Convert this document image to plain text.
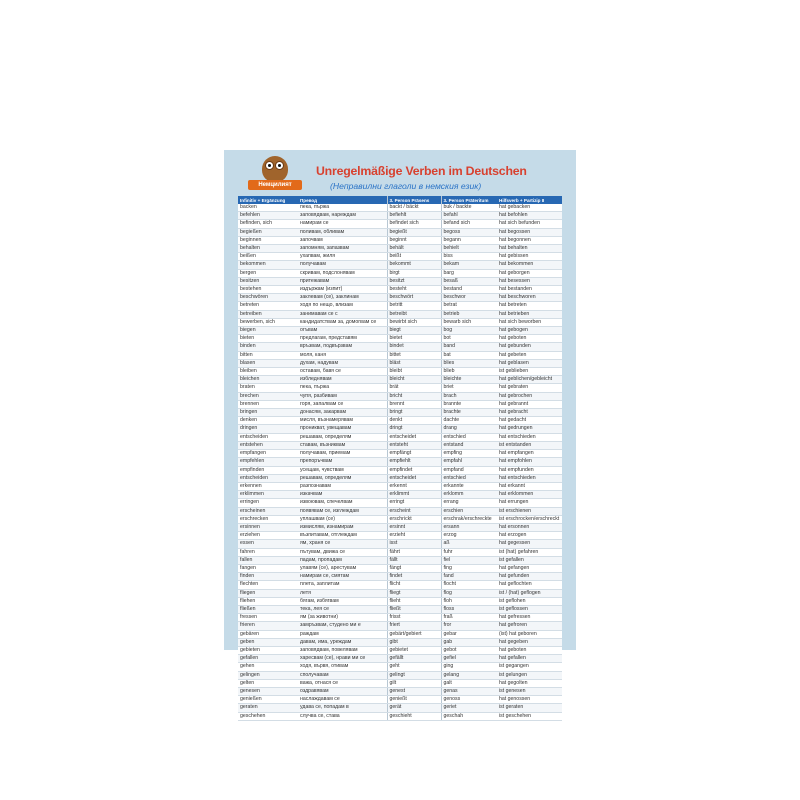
Немцилият
Unregelmäßige Verben im Deutschen
(Неправилни глаголи в немския език)
Infinitiv + Ergänzung	Превод	3. Person Präsens	3. Person Präteritum	Hilfsverb + Partizip II
backen	пека, пържа	backt / bäckt	buk / backte	hat gebacken
befehlen	заповядвам, нареждам	befiehlt	befahl	hat befohlen
befinden, sich	намирам се	befindet sich	befand sich	hat sich befunden
begießen	поливам, обливам	begießt	begoss	hat begossen
beginnen	започвам	beginnt	begann	hat begonnen
behalten	запомням, запазвам	behält	behielt	hat behalten
beißen	ухапвам, жиля	beißt	biss	hat gebissen
bekommen	получавам	bekommt	bekam	hat bekommen
bergen	скривам, подслонявам	birgt	barg	hat geborgen
besitzen	притежавам	besitzt	besaß	hat besessen
bestehen	издържам (изпит)	besteht	bestand	hat bestanden
beschwören	заклевам (се), заклинам	beschwört	beschwor	hat beschworen
betreten	ходя по нещо, влизам	betritt	betrat	hat betreten
betreiben	занимавам се с	betreibt	betrieb	hat betrieben
bewerben, sich	кандидатствам за, домогвам се	bewirbt sich	bewarb sich	hat sich beworben
biegen	огъвам	biegt	bog	hat gebogen
bieten	предлагам, представям	bietet	bot	hat geboten
binden	връзвам, подвързвам	bindet	band	hat gebunden
bitten	моля, каня	bittet	bat	hat gebeten
blasen	духам, надувам	bläst	blies	hat geblasen
bleiben	оставам, бавя се	bleibt	blieb	ist geblieben
bleichen	избледнявам	bleicht	bleichte	hat geblichen/gebleicht
braten	пека, пържа	brät	briet	hat gebraten
brechen	чупя, разбивам	bricht	brach	hat gebrochen
brennen	горя, запалвам се	brennt	brannte	hat gebrannt
bringen	донасям, закарвам	bringt	brachte	hat gebracht
denken	мисля, възнамерявам	denkt	dachte	hat gedacht
dringen	проникват, увещавам	dringt	drang	hat gedrungen
entscheiden	решавам, определям	entscheidet	entschied	hat entschieden
entstehen	ставам, възниквам	entsteht	entstand	ist entstanden
empfangen	получавам, приемам	empfängt	empfing	hat empfangen
empfehlen	препоръчвам	empfiehlt	empfahl	hat empfohlen
empfinden	усещам, чувствам	empfindet	empfand	hat empfunden
entscheiden	решавам, определям	entscheidet	entschied	hat entschieden
erkennen	разпознавам	erkennt	erkannte	hat erkannt
erklimmen	изкачвам	erklimmt	erklomm	hat erklommen
erringen	извоювам, спечелвам	erringt	errang	hat errungen
erscheinen	появявам се, изглеждам	erscheint	erschien	ist erschienen
erschrecken	уплашвам (се)	erschrickt	erschrak/erschreckte	ist erschrocken/erschreckt
ersinnen	измислям, изнамирам	ersinnt	ersann	hat ersonnen
erziehen	възпитавам, отглеждам	erzieht	erzog	hat erzogen
essen	ям, храня се	isst	aß	hat gegessen
fahren	пътувам, движа се	fährt	fuhr	ist (hat) gefahren
fallen	падам, пропадам	fällt	fiel	ist gefallen
fangen	улавям (се), арестувам	fängt	fing	hat gefangen
finden	намирам се, смятам	findet	fand	hat gefunden
flechten	плета, заплитам	flicht	flocht	hat geflochten
fliegen	летя	fliegt	flog	ist / (hat) geflogen
fliehen	бягам, избягвам	flieht	floh	ist geflohen
fließen	тека, лея се	fließt	floss	ist geflossen
fressen	ям (за животни)	frisst	fraß	hat gefressen
frieren	замръзвам, студено ми е	friert	fror	hat gefroren
gebären	раждам	gebärt/gebiert	gebar	(ist) hat geboren
geben	давам, има, уреждам	gibt	gab	hat gegeben
gebieten	заповядвам, повелявам	gebietet	gebot	hat geboten
gefallen	харесвам (се), нрави ми се	gefällt	gefiel	hat gefallen
gehen	ходя, вървя, отивам	geht	ging	ist gegangen
gelingen	сполучавам	gelingt	gelang	ist gelungen
gelten	важа, отнася се	gilt	galt	hat gegolten
genesen	оздравявам	genest	genas	ist genesen
genießen	наслаждавам се	genießt	genoss	hat genossen
geraten	удава се, попадам в	gerät	geriet	ist geraten
geschehen	случва се, става	geschieht	geschah	ist geschehen
